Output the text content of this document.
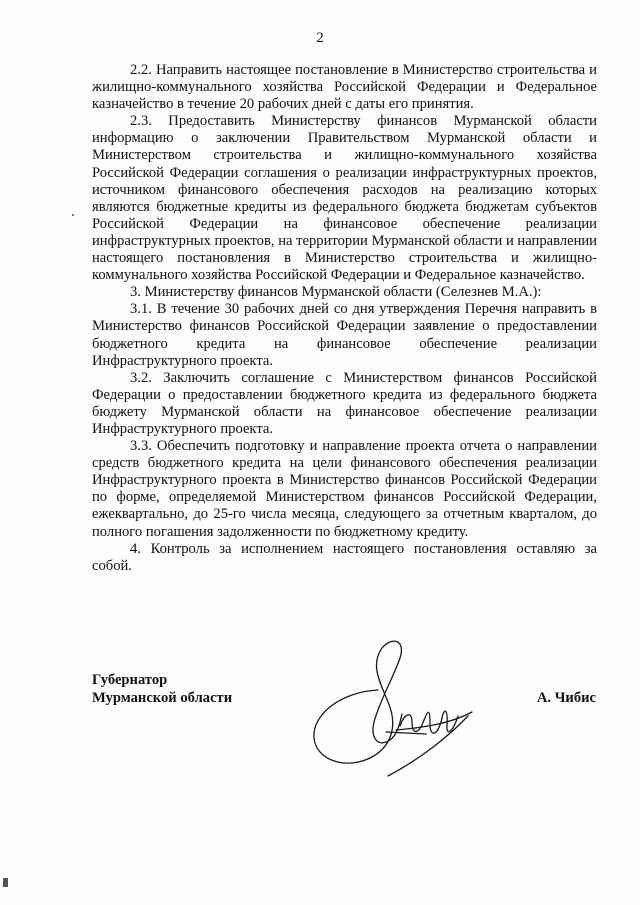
2

2.2. Направить настоящее постановление в Министерство строительства и жилищно-коммунального хозяйства Российской Федерации и Федеральное казначейство в течение 20 рабочих дней с даты его принятия.

2.3. Предоставить Министерству финансов Мурманской области информацию о заключении Правительством Мурманской области и Министерством строительства и жилищно-коммунального хозяйства Российской Федерации соглашения о реализации инфраструктурных проектов, источником финансового обеспечения расходов на реализацию которых являются бюджетные кредиты из федерального бюджета бюджетам субъектов Российской Федерации на финансовое обеспечение реализации инфраструктурных проектов, на территории Мурманской области и направлении настоящего постановления в Министерство строительства и жилищно-коммунального хозяйства Российской Федерации и Федеральное казначейство.

3. Министерству финансов Мурманской области (Селезнев М.А.):

3.1. В течение 30 рабочих дней со дня утверждения Перечня направить в Министерство финансов Российской Федерации заявление о предоставлении бюджетного кредита на финансовое обеспечение реализации Инфраструктурного проекта.

3.2. Заключить соглашение с Министерством финансов Российской Федерации о предоставлении бюджетного кредита из федерального бюджета бюджету Мурманской области на финансовое обеспечение реализации Инфраструктурного проекта.

3.3. Обеспечить подготовку и направление проекта отчета о направлении средств бюджетного кредита на цели финансового обеспечения реализации Инфраструктурного проекта в Министерство финансов Российской Федерации по форме, определяемой Министерством финансов Российской Федерации, ежеквартально, до 25-го числа месяца, следующего за отчетным кварталом, до полного погашения задолженности по бюджетному кредиту.

4. Контроль за исполнением настоящего постановления оставляю за собой.

Губернатор
Мурманской области	А. Чибис
